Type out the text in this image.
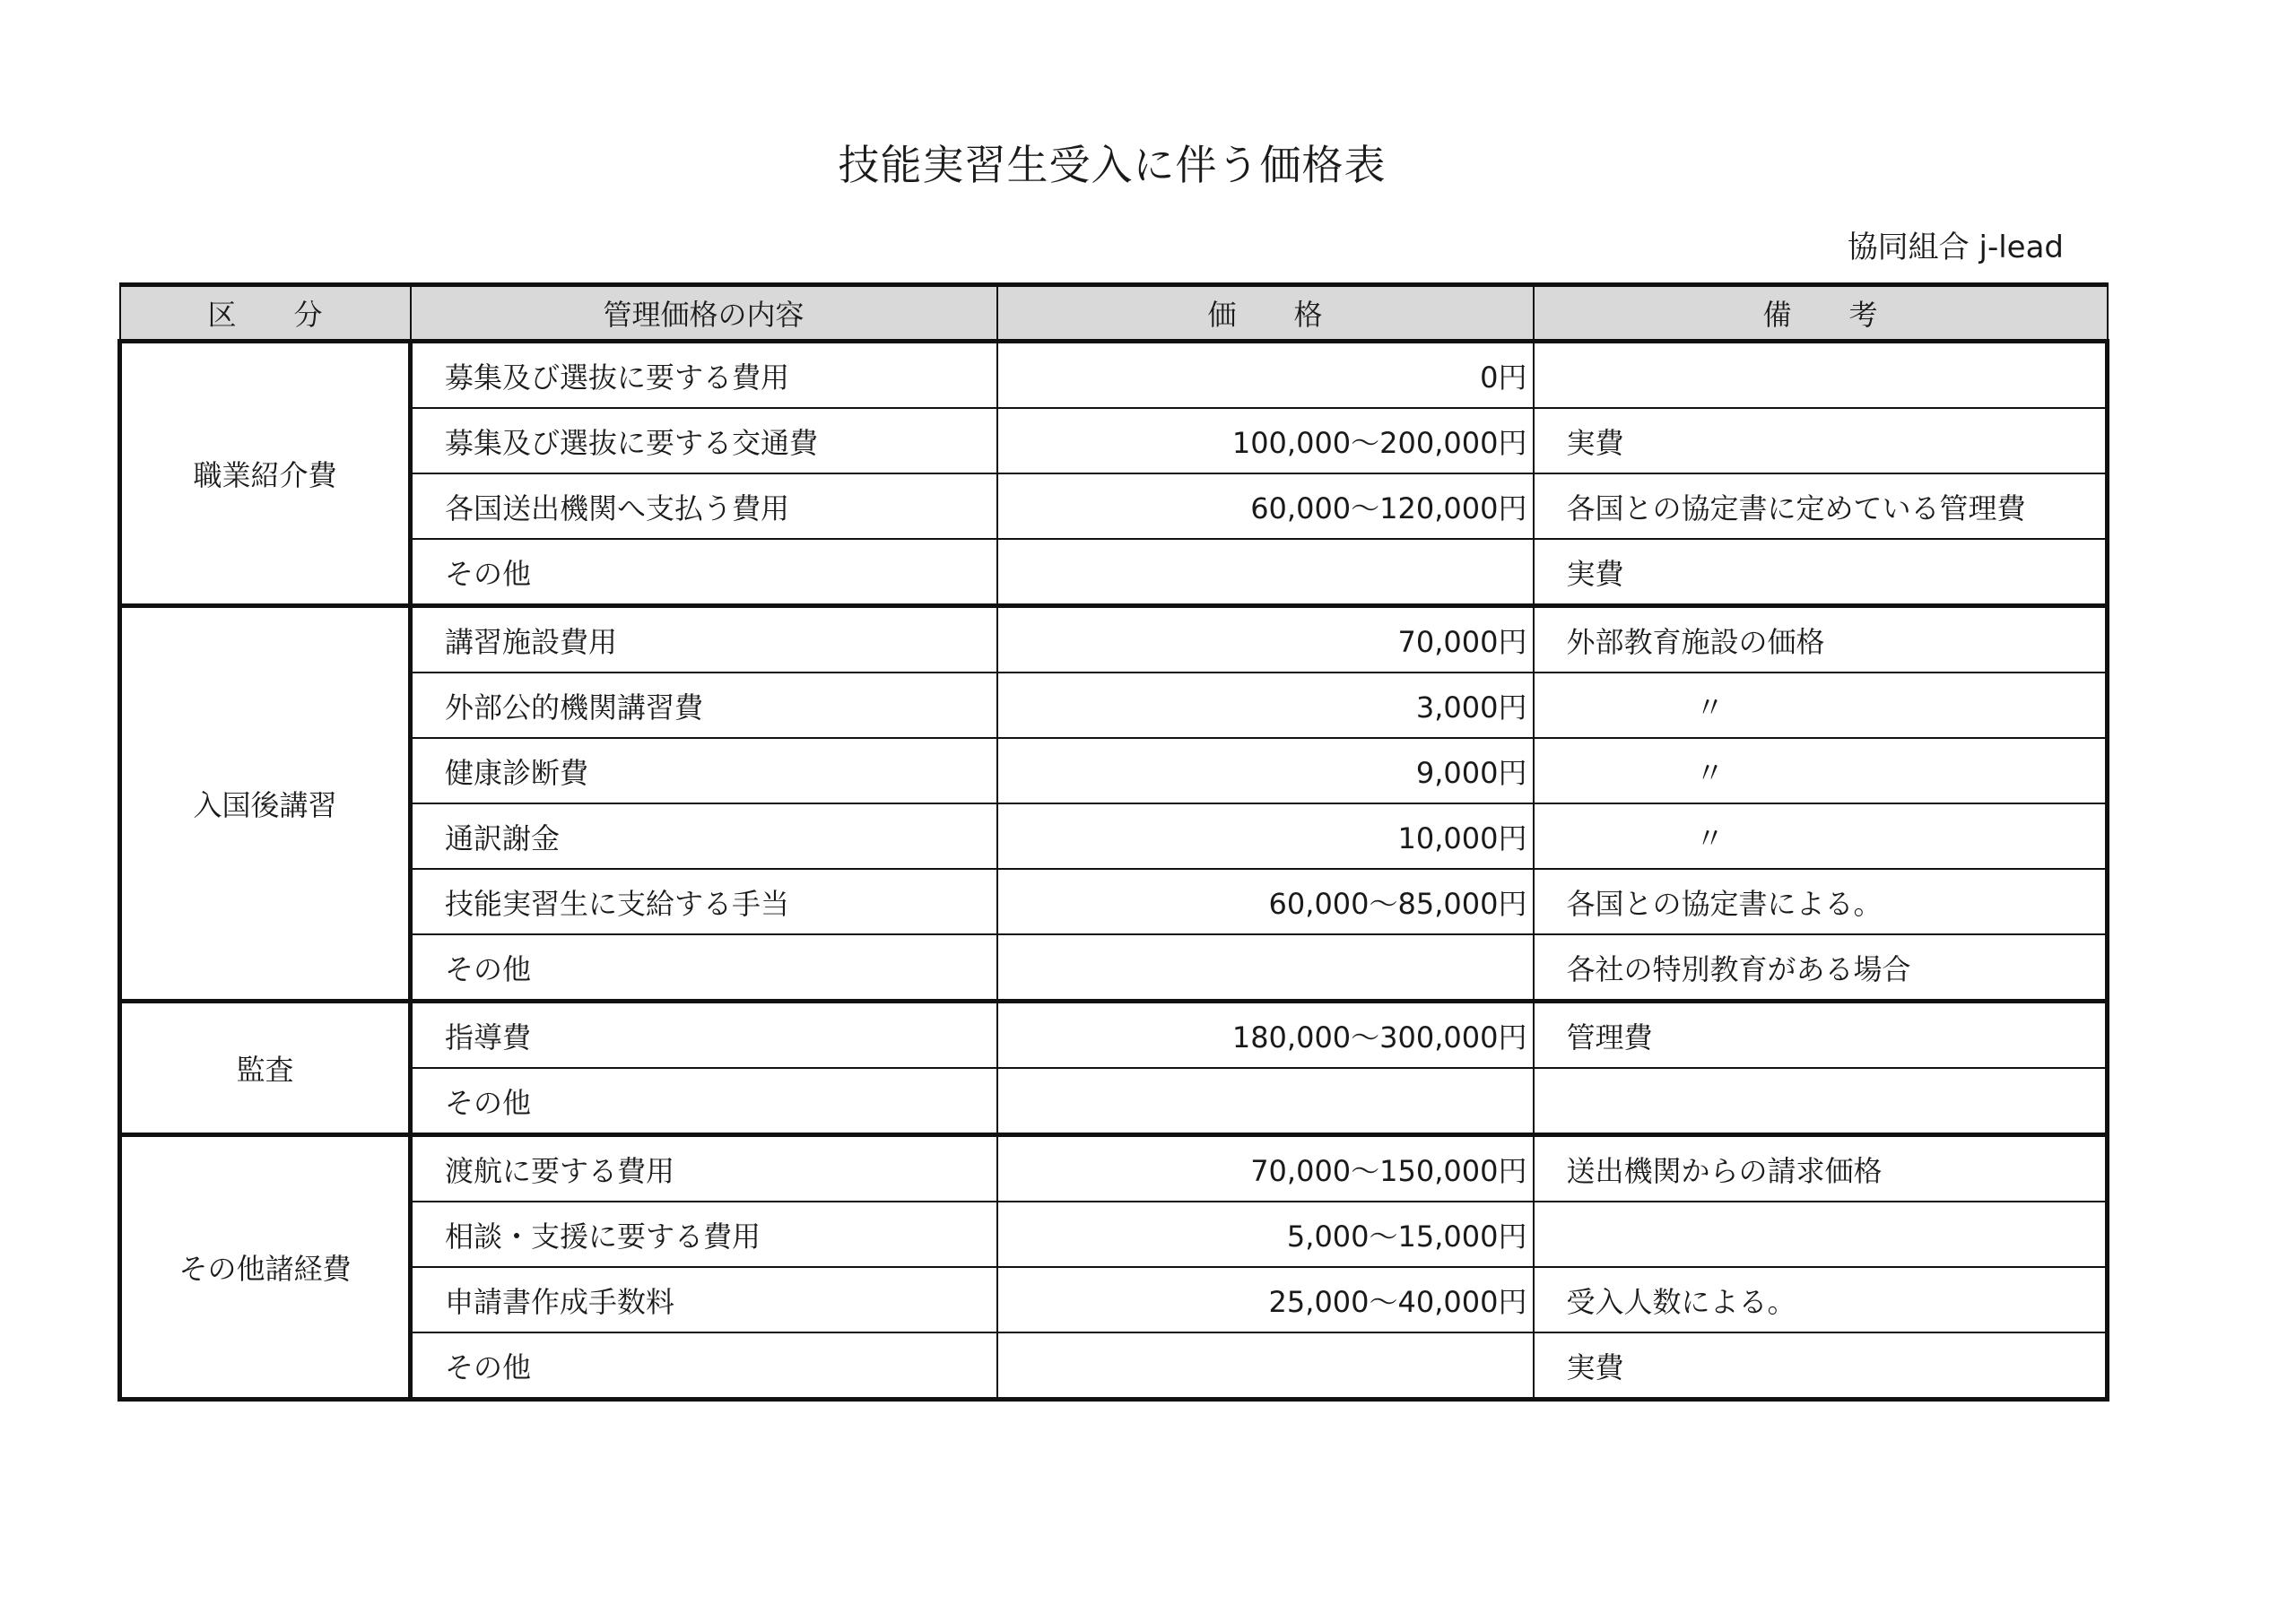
技能実習生受入に伴う価格表
協同組合 j-lead
区　　分	管理価格の内容	価　　格	備　　考
職業紹介費	募集及び選抜に要する費用	0円	
	募集及び選抜に要する交通費	100,000～200,000円	実費
	各国送出機関へ支払う費用	60,000～120,000円	各国との協定書に定めている管理費
	その他		実費
入国後講習	講習施設費用	70,000円	外部教育施設の価格
	外部公的機関講習費	3,000円	〃
	健康診断費	9,000円	〃
	通訳謝金	10,000円	〃
	技能実習生に支給する手当	60,000～85,000円	各国との協定書による。
	その他		各社の特別教育がある場合
監査	指導費	180,000～300,000円	管理費
	その他		
その他諸経費	渡航に要する費用	70,000～150,000円	送出機関からの請求価格
	相談・支援に要する費用	5,000～15,000円	
	申請書作成手数料	25,000～40,000円	受入人数による。
	その他		実費
